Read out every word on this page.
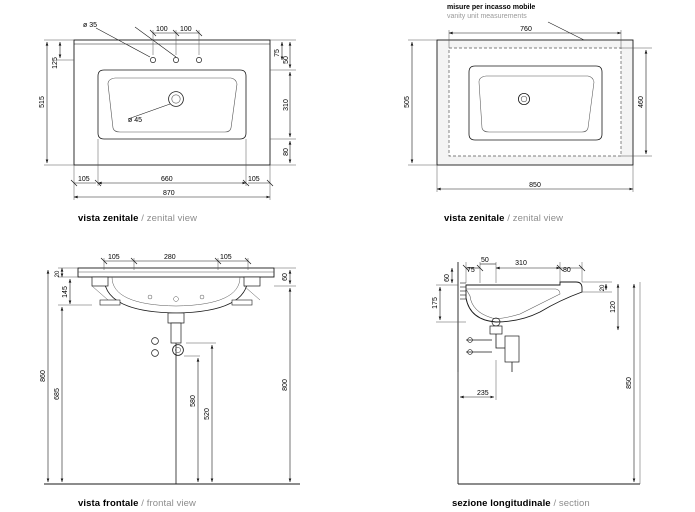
ø 35
100 100
125
515
ø 45
75
50
310
80
105	660	105
870
760
505	460
850
105	280	105
20
145
60
860
685
520
580
800
75
50	310
80
60
20
175	120
235
850
misure per incasso mobile
vanity unit measurements
vista zenitale / zenital view	vista zenitale / zenital view
vista frontale / frontal view	sezione longitudinale / section
